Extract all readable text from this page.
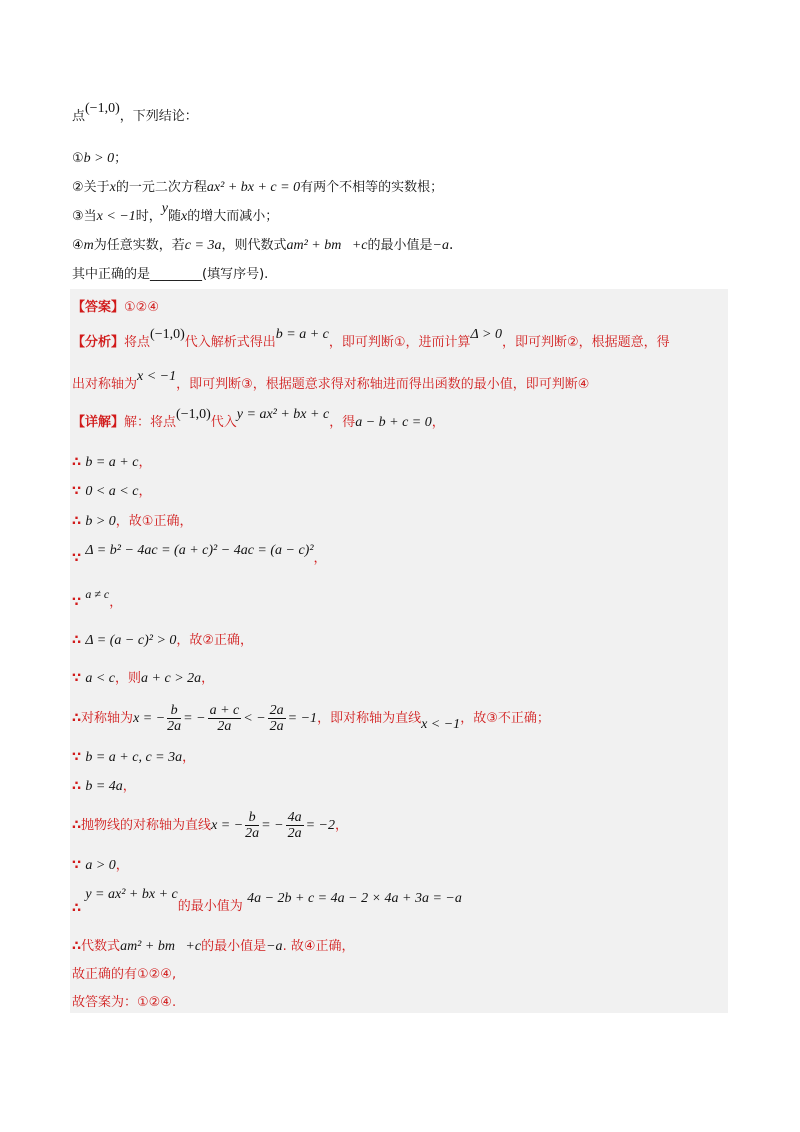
点(−1,0)，下列结论：
①b > 0；
②关于x的一元二次方程ax² + bx + c = 0有两个不相等的实数根；
③当x < −1时，y随x的增大而减小；
④m为任意实数，若c = 3a，则代数式am² + bm   +c的最小值是−a.
其中正确的是________(填写序号).
【答案】①②④
【分析】将点(−1,0)代入解析式得出b = a + c，即可判断①，进而计算Δ > 0，即可判断②，根据题意，得
出对称轴为x < −1，即可判断③，根据题意求得对称轴进而得出函数的最小值，即可判断④
【详解】解：将点(−1,0)代入y = ax² + bx + c，得a − b + c = 0，
∴ b = a + c，
∵ 0 < a < c，
∴ b > 0，故①正确，
∵ Δ = b² − 4ac = (a + c)² − 4ac = (a − c)²，
∵ a ≠ c，
∴ Δ = (a − c)² > 0，故②正确，
∵ a < c，则a + c > 2a，
∴对称轴为x = − $\frac{b}{2a}$ = − $\frac{a + c}{2a}$ < − $\frac{2a}{2a} = -1$，即对称轴为直线x < −1，故③不正确；
∵ b = a + c, c = 3a，
∴ b = 4a，
∴抛物线的对称轴为直线x = − $\frac{b}{2a}$ = − $\frac{4a}{2a} = -2$，
∵ a > 0，
∴ y = ax² + bx + c的最小值为 4a − 2b + c = 4a − 2 × 4a + 3a = −a
∴代数式am² + bm   +c的最小值是−a. 故④正确，
故正确的有①②④,
故答案为：①②④.
